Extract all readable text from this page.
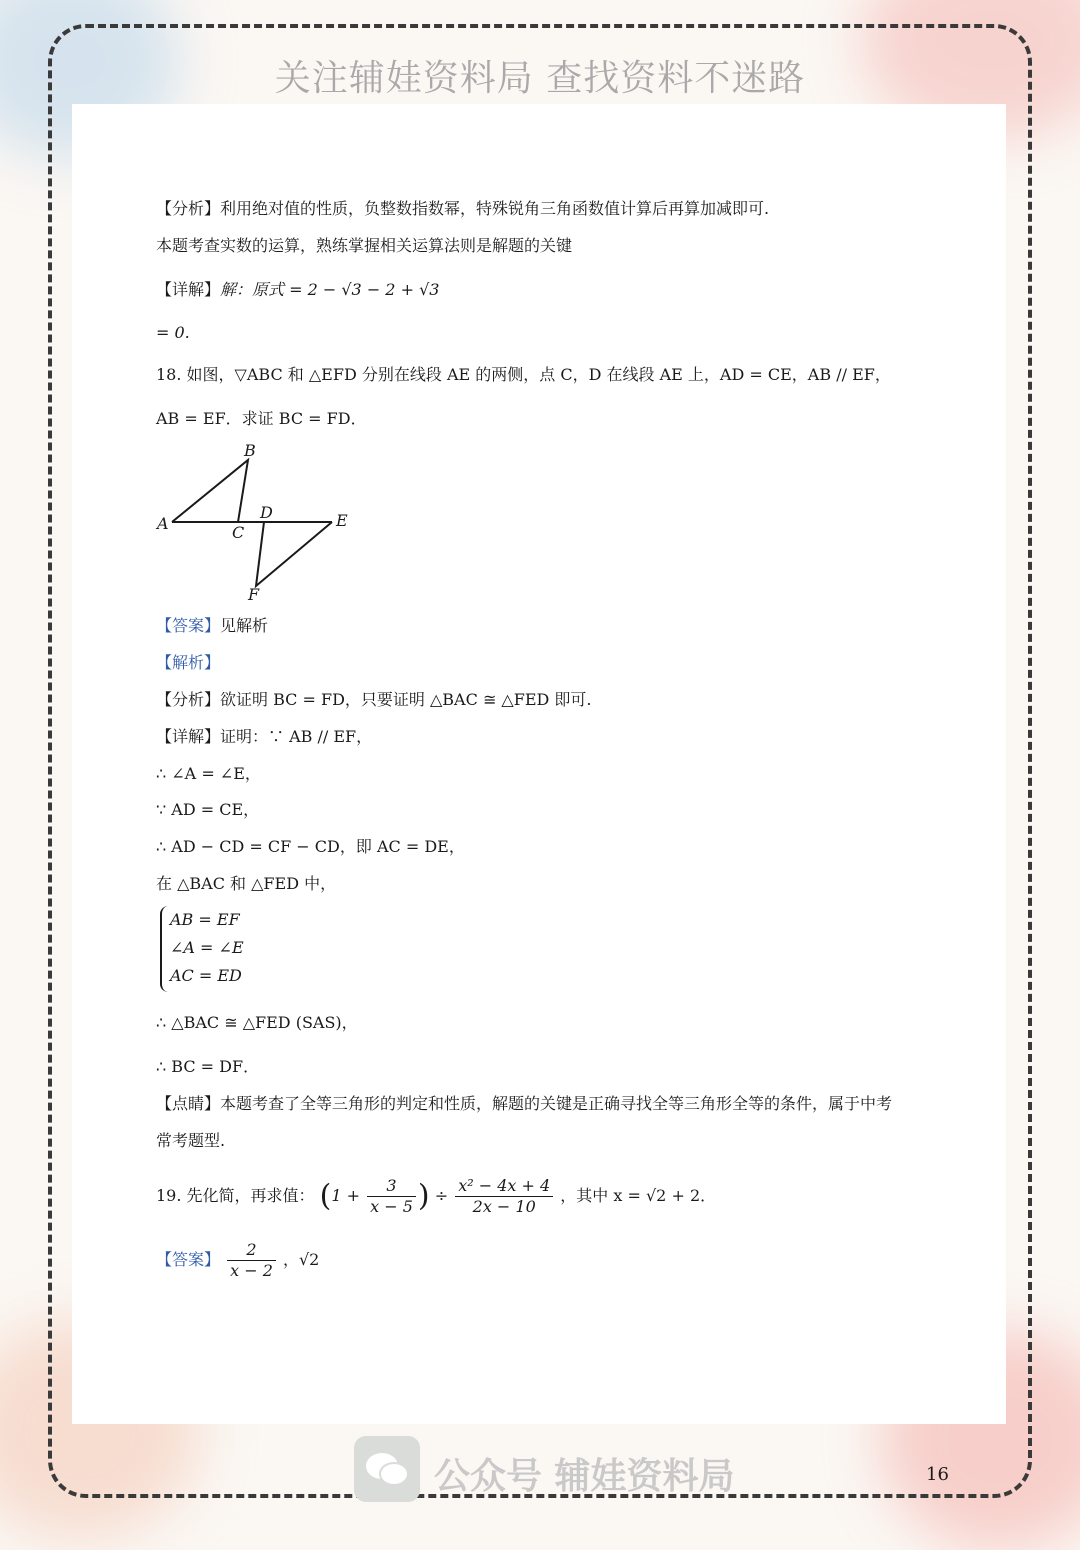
关注辅娃资料局 查找资料不迷路
【分析】利用绝对值的性质，负整数指数幂，特殊锐角三角函数值计算后再算加减即可.
本题考查实数的运算，熟练掌握相关运算法则是解题的关键
【详解】解：原式 = 2 − √3 − 2 + √3
= 0.
18. 如图，▽ABC 和 △EFD 分别在线段 AE 的两侧，点 C，D 在线段 AE 上，AD = CE，AB // EF，
AB = EF．求证 BC = FD．
B
A	C
D	E
F
【答案】见解析
【解析】
【分析】欲证明 BC = FD，只要证明 △BAC ≅ △FED 即可.
【详解】证明：∵ AB // EF，
∴ ∠A = ∠E，
∵ AD = CE，
∴ AD − CD = CF − CD，即 AC = DE，
在 △BAC 和 △FED 中，
AB = EF
∠A = ∠E
AC = ED
∴ △BAC ≅ △FED (SAS)，
∴ BC = DF．
【点睛】本题考查了全等三角形的判定和性质，解题的关键是正确寻找全等三角形全等的条件，属于中考
常考题型.
19. 先化简，再求值： ($1 + \frac{3}{x - 5}$ ) ÷ $\frac{\text{x² − 4x + 4}}{2x - 10}$ ，其中 x = √2 + 2．
【答案】 $\frac{2}{x - 2}$ ，√2
公众号 辅娃资料局	16
